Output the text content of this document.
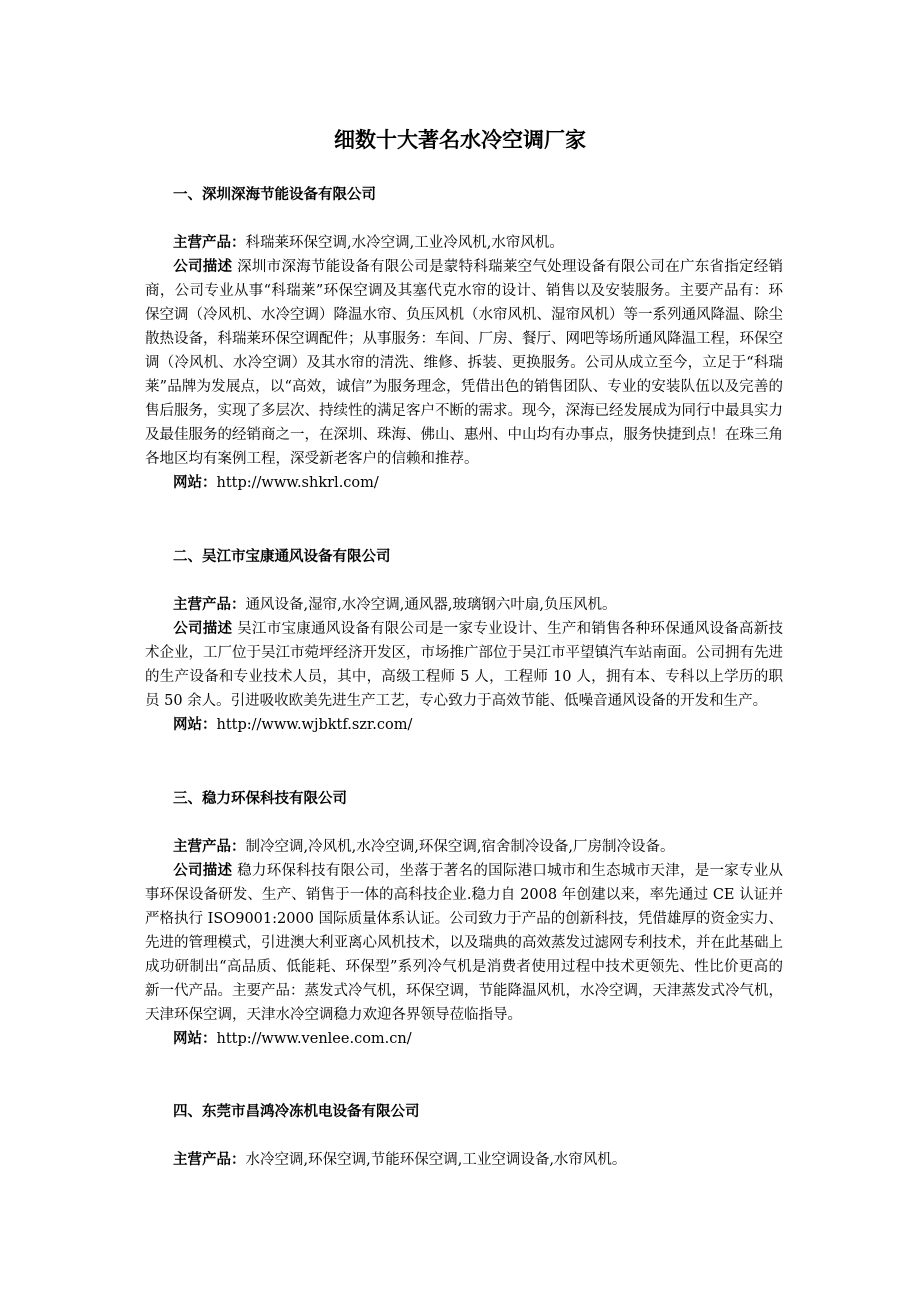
细数十大著名水冷空调厂家

一、深圳深海节能设备有限公司

主营产品：科瑞莱环保空调,水冷空调,工业冷风机,水帘风机。

公司描述 深圳市深海节能设备有限公司是蒙特科瑞莱空气处理设备有限公司在广东省指定经销商，公司专业从事“科瑞莱”环保空调及其塞代克水帘的设计、销售以及安装服务。主要产品有：环保空调（冷风机、水冷空调）降温水帘、负压风机（水帘风机、湿帘风机）等一系列通风降温、除尘散热设备，科瑞莱环保空调配件；从事服务：车间、厂房、餐厅、网吧等场所通风降温工程，环保空调（冷风机、水冷空调）及其水帘的清洗、维修、拆装、更换服务。公司从成立至今，立足于“科瑞莱”品牌为发展点，以“高效，诚信”为服务理念，凭借出色的销售团队、专业的安装队伍以及完善的售后服务，实现了多层次、持续性的满足客户不断的需求。现今，深海已经发展成为同行中最具实力及最佳服务的经销商之一，在深圳、珠海、佛山、惠州、中山均有办事点，服务快捷到点！在珠三角各地区均有案例工程，深受新老客户的信赖和推荐。

网站：http://www.shkrl.com/

二、吴江市宝康通风设备有限公司

主营产品：通风设备,湿帘,水冷空调,通风器,玻璃钢六叶扇,负压风机。

公司描述 吴江市宝康通风设备有限公司是一家专业设计、生产和销售各种环保通风设备高新技术企业，工厂位于吴江市菀坪经济开发区，市场推广部位于吴江市平望镇汽车站南面。公司拥有先进的生产设备和专业技术人员，其中，高级工程师 5 人，工程师 10 人，拥有本、专科以上学历的职员 50 余人。引进吸收欧美先进生产工艺，专心致力于高效节能、低噪音通风设备的开发和生产。

网站：http://www.wjbktf.szr.com/

三、稳力环保科技有限公司

主营产品：制冷空调,冷风机,水冷空调,环保空调,宿舍制冷设备,厂房制冷设备。

公司描述 稳力环保科技有限公司，坐落于著名的国际港口城市和生态城市天津，是一家专业从事环保设备研发、生产、销售于一体的高科技企业.稳力自 2008 年创建以来，率先通过 CE 认证并严格执行 ISO9001:2000 国际质量体系认证。公司致力于产品的创新科技，凭借雄厚的资金实力、先进的管理模式，引进澳大利亚离心风机技术，以及瑞典的高效蒸发过滤网专利技术，并在此基础上成功研制出“高品质、低能耗、环保型”系列冷气机是消费者使用过程中技术更领先、性比价更高的新一代产品。主要产品：蒸发式冷气机，环保空调，节能降温风机，水冷空调，天津蒸发式冷气机，天津环保空调，天津水冷空调稳力欢迎各界领导莅临指导。

网站：http://www.venlee.com.cn/

四、东莞市昌鸿冷冻机电设备有限公司

主营产品：水冷空调,环保空调,节能环保空调,工业空调设备,水帘风机。
